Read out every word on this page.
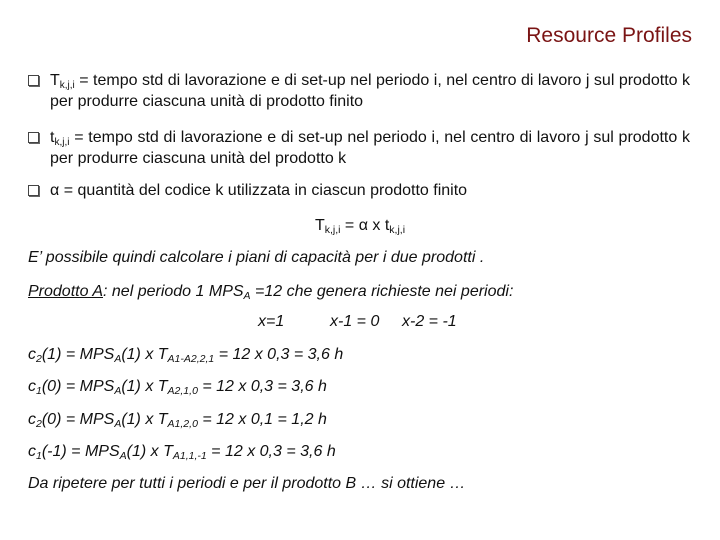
Resource Profiles
$T_{k,j,i}$ = tempo std di lavorazione e di set-up nel periodo i, nel centro di lavoro j sul prodotto k per produrre ciascuna unità di prodotto finito
$t_{k,j,i}$ = tempo std di lavorazione e di set-up nel periodo i, nel centro di lavoro j sul prodotto k per produrre ciascuna unità del prodotto k
α = quantità del codice k utilizzata in ciascun prodotto finito
$T_{k,j,i} = \alpha$ x $t_{k,j,i}$
E’ possibile quindi calcolare i piani di capacità per i due prodotti .
Prodotto A: nel periodo 1 $MPS_A =12$ che genera richieste nei periodi:
x=1	x-1 = 0 x-2 = -1
$c_2(1) = MPS_A(1)$ x $T_{A1-A2,2,1} = 12$ x 0,3 = 3,6 h
$c_1(0) = MPS_A(1)$ x $T_{A2,1,0} = 12$ x 0,3 = 3,6 h
$c_2(0) = MPS_A(1)$ x $T_{A1,2,0} = 12$ x 0,1 = 1,2 h
$c_1(-1) = MPS_A(1)$ x $T_{A1,1,-1} = 12$ x 0,3 = 3,6 h
Da ripetere per tutti i periodi e per il prodotto B … si ottiene …
